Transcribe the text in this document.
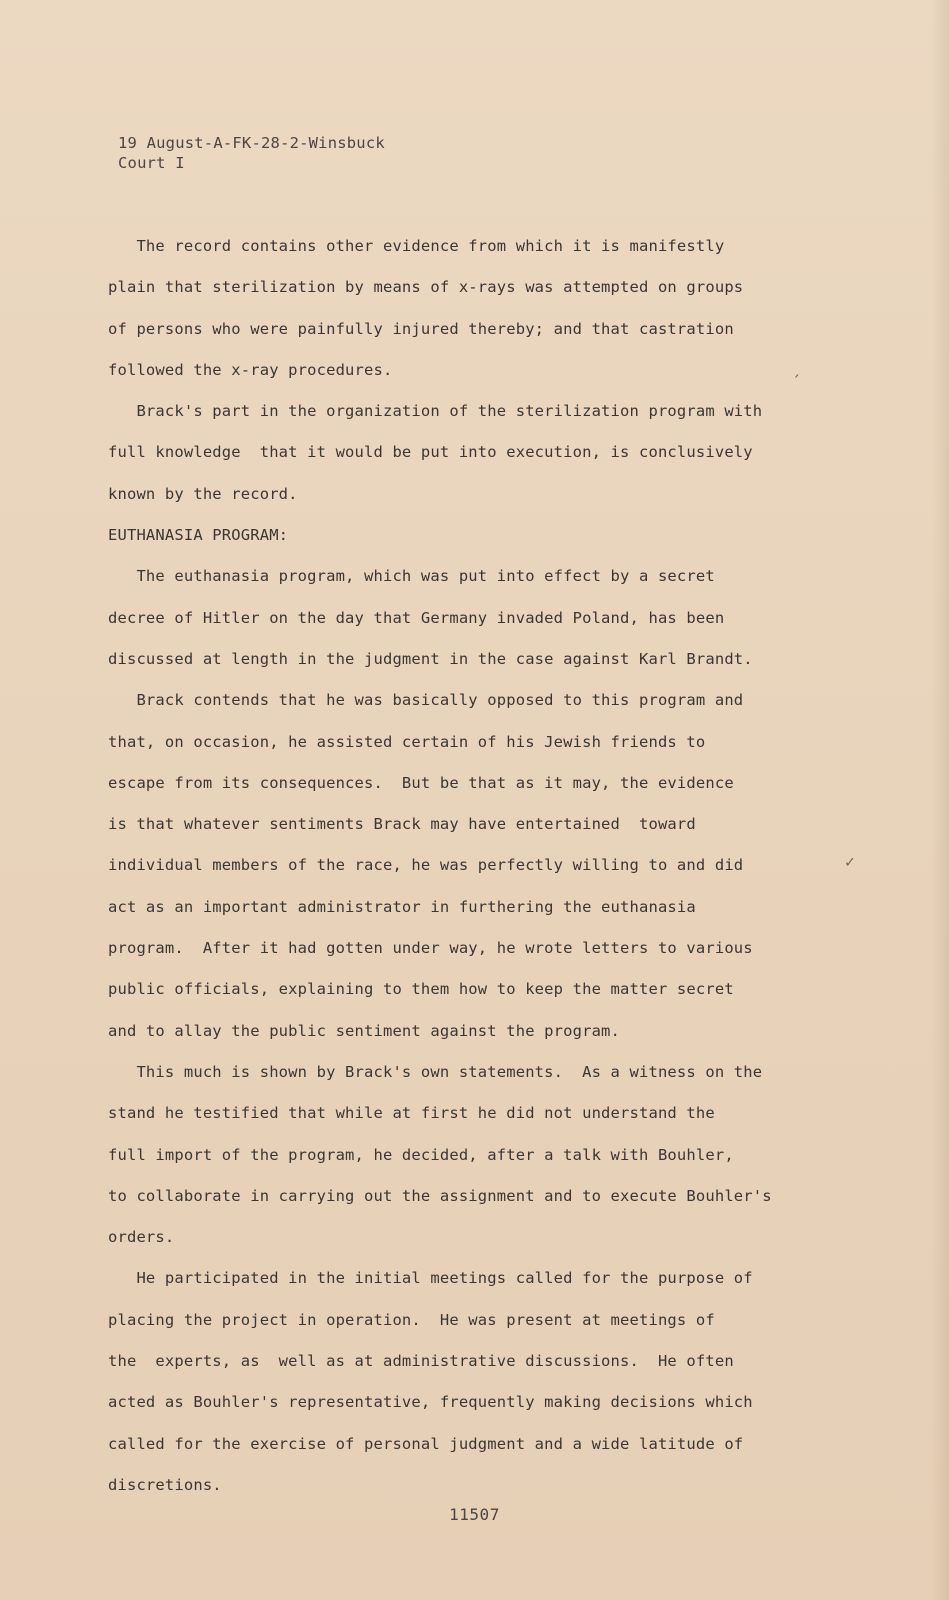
19 August-A-FK-28-2-Winsbuck
Court I
The record contains other evidence from which it is manifestly
plain that sterilization by means of x-rays was attempted on groups
of persons who were painfully injured thereby; and that castration
followed the x-ray procedures.
Brack's part in the organization of the sterilization program with
full knowledge  that it would be put into execution, is conclusively
known by the record.
EUTHANASIA PROGRAM:
The euthanasia program, which was put into effect by a secret
decree of Hitler on the day that Germany invaded Poland, has been
discussed at length in the judgment in the case against Karl Brandt.
Brack contends that he was basically opposed to this program and
that, on occasion, he assisted certain of his Jewish friends to
escape from its consequences.  But be that as it may, the evidence
is that whatever sentiments Brack may have entertained  toward
individual members of the race, he was perfectly willing to and did
act as an important administrator in furthering the euthanasia
program.  After it had gotten under way, he wrote letters to various
public officials, explaining to them how to keep the matter secret
and to allay the public sentiment against the program.
This much is shown by Brack's own statements.  As a witness on the
stand he testified that while at first he did not understand the
full import of the program, he decided, after a talk with Bouhler,
to collaborate in carrying out the assignment and to execute Bouhler's
orders.
He participated in the initial meetings called for the purpose of
placing the project in operation.  He was present at meetings of
the  experts, as  well as at administrative discussions.  He often
acted as Bouhler's representative, frequently making decisions which
called for the exercise of personal judgment and a wide latitude of
discretions.
ˏ
✓
11507
